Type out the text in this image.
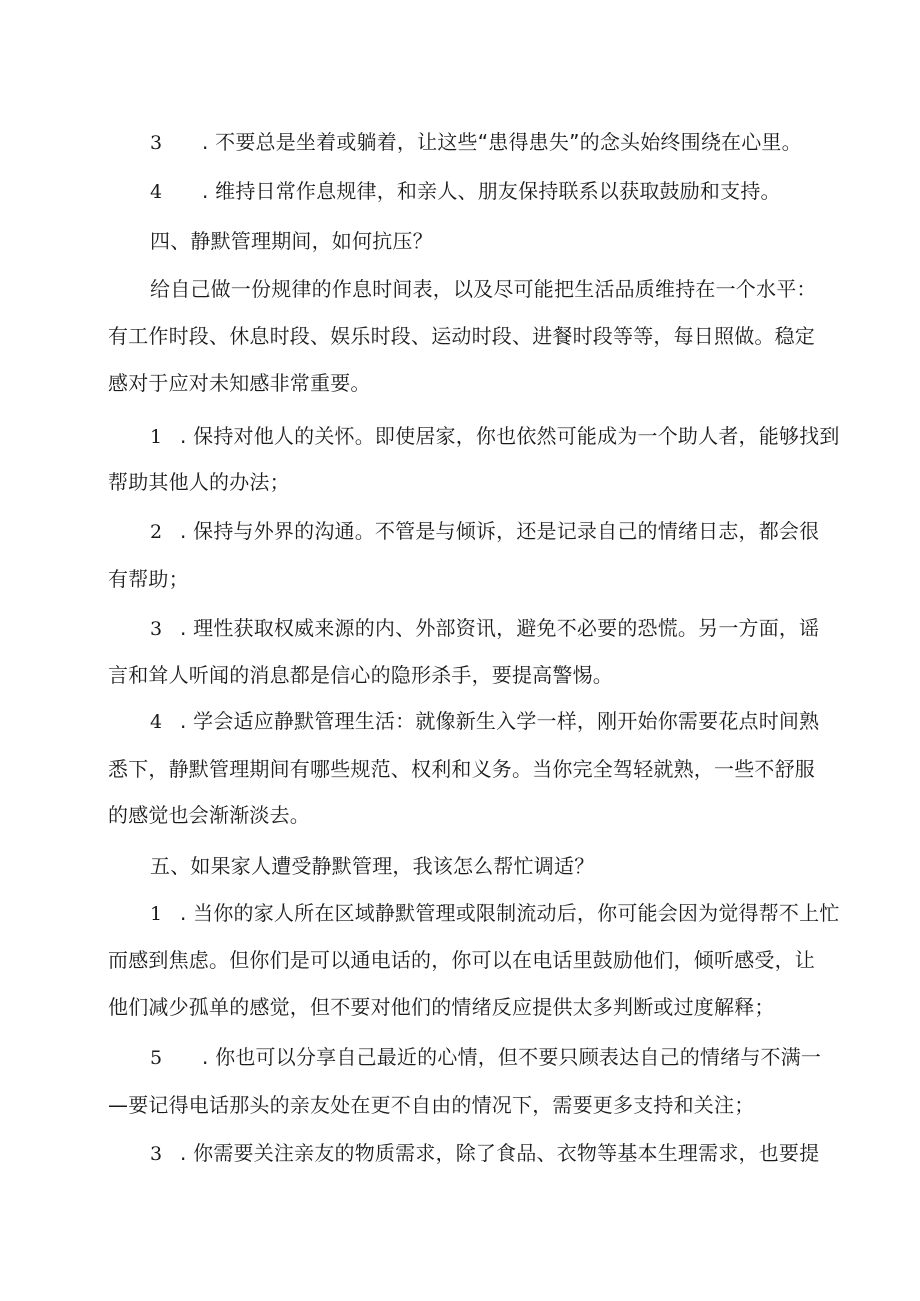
3 . 不要总是坐着或躺着，让这些“患得患失”的念头始终围绕在心里。
4 . 维持日常作息规律，和亲人、朋友保持联系以获取鼓励和支持。
四、静默管理期间，如何抗压？
给自己做一份规律的作息时间表，以及尽可能把生活品质维持在一个水平：
有工作时段、休息时段、娱乐时段、运动时段、进餐时段等等，每日照做。稳定
感对于应对未知感非常重要。
1 . 保持对他人的关怀。即使居家，你也依然可能成为一个助人者，能够找到
帮助其他人的办法；
2 . 保持与外界的沟通。不管是与倾诉，还是记录自己的情绪日志，都会很
有帮助；
3 . 理性获取权威来源的内、外部资讯，避免不必要的恐慌。另一方面，谣
言和耸人听闻的消息都是信心的隐形杀手，要提高警惕。
4 . 学会适应静默管理生活：就像新生入学一样，刚开始你需要花点时间熟
悉下，静默管理期间有哪些规范、权利和义务。当你完全驾轻就熟，一些不舒服
的感觉也会渐渐淡去。
五、如果家人遭受静默管理，我该怎么帮忙调适？
1 . 当你的家人所在区域静默管理或限制流动后，你可能会因为觉得帮不上忙
而感到焦虑。但你们是可以通电话的，你可以在电话里鼓励他们，倾听感受，让
他们减少孤单的感觉，但不要对他们的情绪反应提供太多判断或过度解释；
5 . 你也可以分享自己最近的心情，但不要只顾表达自己的情绪与不满一
—要记得电话那头的亲友处在更不自由的情况下，需要更多支持和关注；
3 . 你需要关注亲友的物质需求，除了食品、衣物等基本生理需求，也要提
